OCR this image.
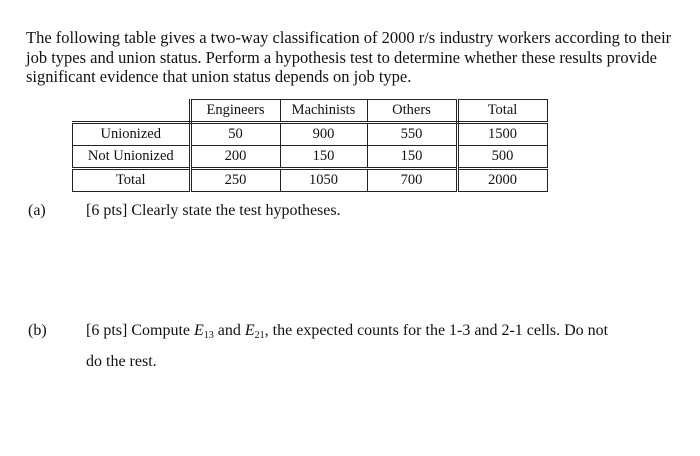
The following table gives a two-way classification of 2000 r/s industry workers according to their job types and union status. Perform a hypothesis test to determine whether these results provide significant evidence that union status depends on job type.

	Engineers	Machinists	Others	Total
Unionized	50	900	550	1500
Not Unionized	200	150	150	500
Total	250	1050	700	2000
(a)	[6 pts] Clearly state the test hypotheses.
(b) [6 pts] Compute $E_{13}$ and $E_{21}$, the expected counts for the 1-3 and 2-1 cells. Do not do the rest.
